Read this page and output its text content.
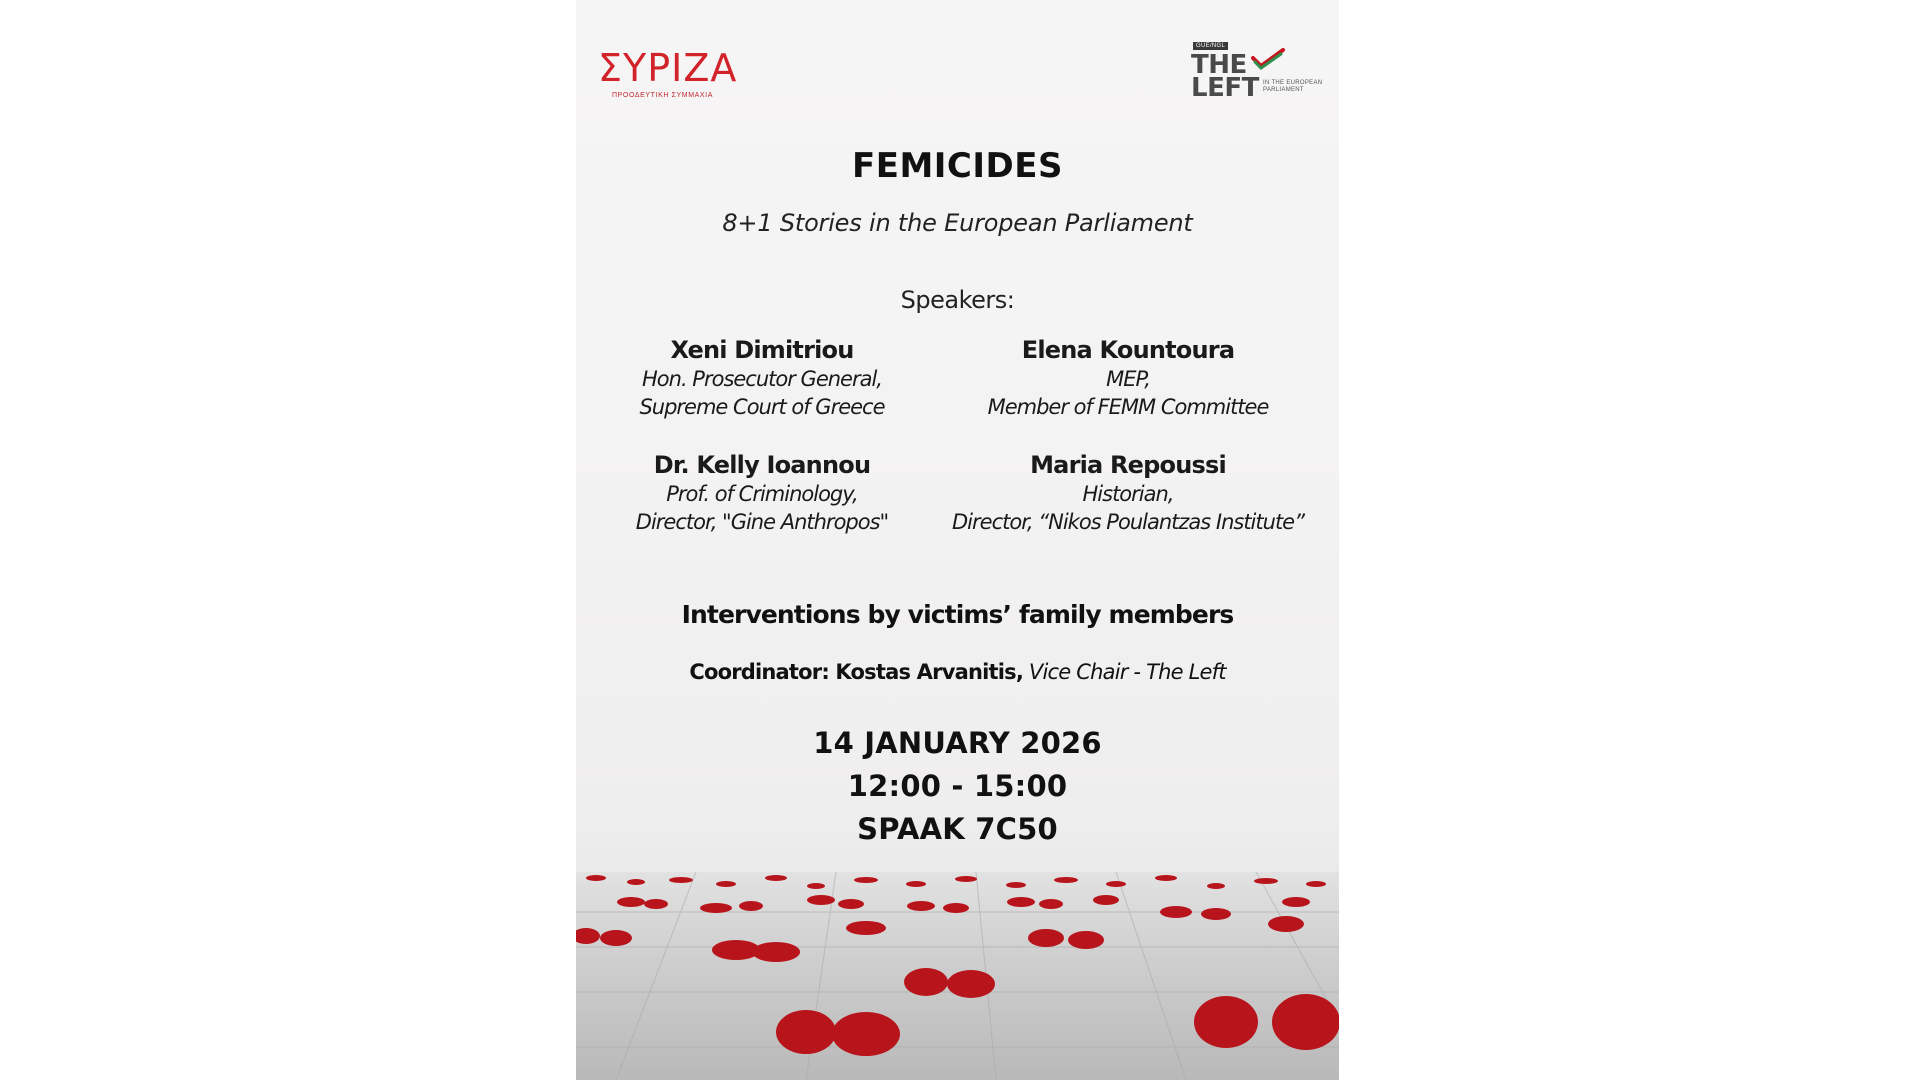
ΣΥΡΙΖΑ
ΠΡΟΟΔΕΥΤΙΚΗ ΣΥΜΜΑΧΙΑ
GUE/NGL
THE
LEFT IN THE EUROPEAN PARLIAMENT
FEMICIDES
8+1 Stories in the European Parliament
Speakers:
Xeni Dimitriou
Hon. Prosecutor General,
Supreme Court of Greece
Elena Kountoura
MEP,
Member of FEMM Committee
Dr. Kelly Ioannou
Prof. of Criminology,
Director, "Gine Anthropos"
Maria Repoussi
Historian,
Director, “Nikos Poulantzas Institute”
Interventions by victims’ family members
Coordinator: Kostas Arvanitis, Vice Chair - The Left
14 JANUARY 2026
12:00 - 15:00
SPAAK 7C50
